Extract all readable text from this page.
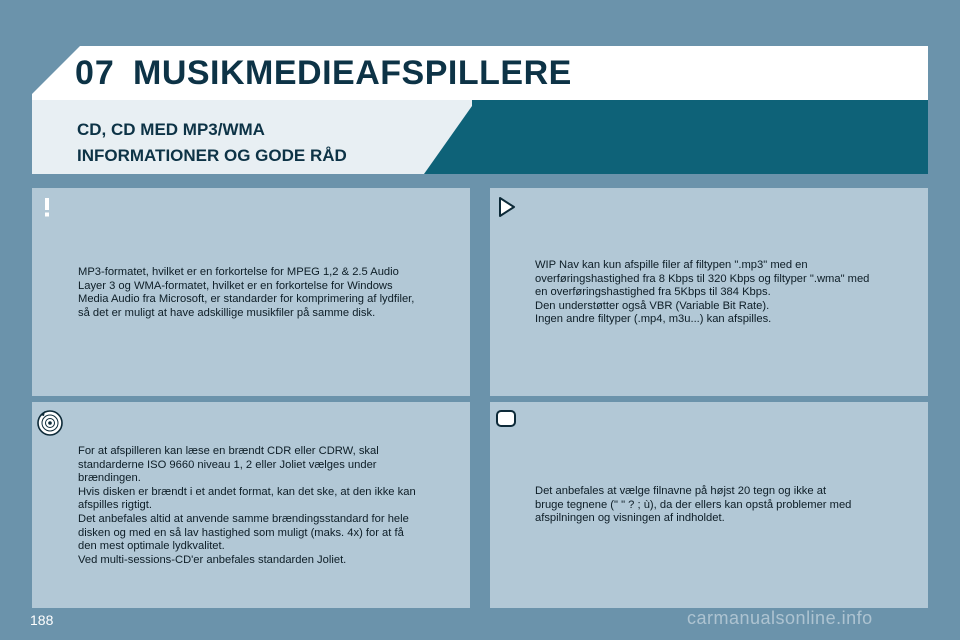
07 MUSIKMEDIEAFSPILLERE
CD, CD MED MP3/WMA
INFORMATIONER OG GODE RÅD

MP3-formatet, hvilket er en forkortelse for MPEG 1,2 & 2.5 Audio
Layer 3 og WMA-formatet, hvilket er en forkortelse for Windows
Media Audio fra Microsoft, er standarder for komprimering af lydfiler,
så det er muligt at have adskillige musikfiler på samme disk.

WIP Nav kan kun afspille filer af filtypen ".mp3" med en
overføringshastighed fra 8 Kbps til 320 Kbps og filtyper ".wma" med
en overføringshastighed fra 5Kbps til 384 Kbps.
Den understøtter også VBR (Variable Bit Rate).
Ingen andre filtyper (.mp4, m3u...) kan afspilles.

For at afspilleren kan læse en brændt CDR eller CDRW, skal
standarderne ISO 9660 niveau 1, 2 eller Joliet vælges under
brændingen.
Hvis disken er brændt i et andet format, kan det ske, at den ikke kan
afspilles rigtigt.
Det anbefales altid at anvende samme brændingsstandard for hele
disken og med en så lav hastighed som muligt (maks. 4x) for at få
den mest optimale lydkvalitet.
Ved multi-sessions-CD'er anbefales standarden Joliet.

Det anbefales at vælge filnavne på højst 20 tegn og ikke at
bruge tegnene (" " ? ; ù), da der ellers kan opstå problemer med
afspilningen og visningen af indholdet.

188	carmanualsonline.info
